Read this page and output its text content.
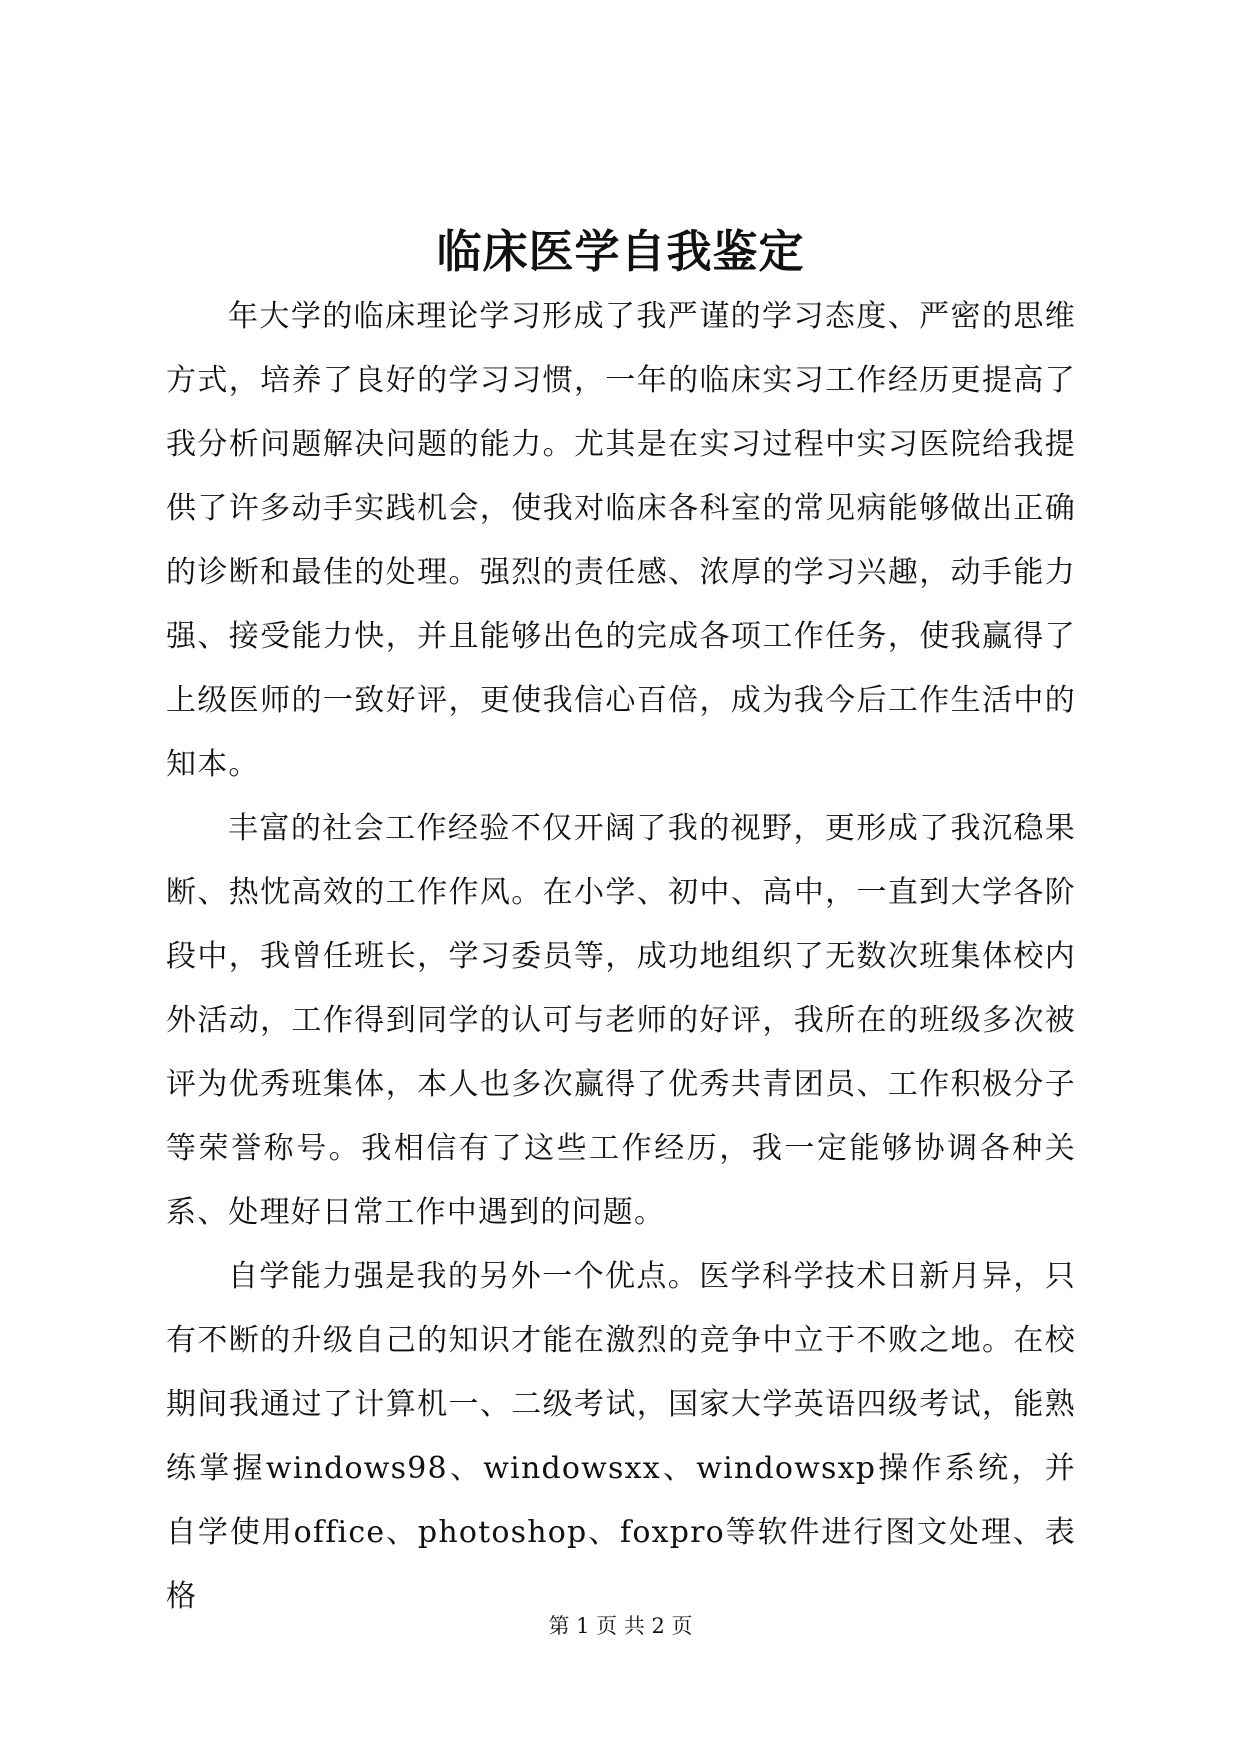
临床医学自我鉴定

年大学的临床理论学习形成了我严谨的学习态度、严密的思维方式，培养了良好的学习习惯，一年的临床实习工作经历更提高了我分析问题解决问题的能力。尤其是在实习过程中实习医院给我提供了许多动手实践机会，使我对临床各科室的常见病能够做出正确的诊断和最佳的处理。强烈的责任感、浓厚的学习兴趣，动手能力强、接受能力快，并且能够出色的完成各项工作任务，使我赢得了上级医师的一致好评，更使我信心百倍，成为我今后工作生活中的知本。

丰富的社会工作经验不仅开阔了我的视野，更形成了我沉稳果断、热忱高效的工作作风。在小学、初中、高中，一直到大学各阶段中，我曾任班长，学习委员等，成功地组织了无数次班集体校内外活动，工作得到同学的认可与老师的好评，我所在的班级多次被评为优秀班集体，本人也多次赢得了优秀共青团员、工作积极分子等荣誉称号。我相信有了这些工作经历，我一定能够协调各种关系、处理好日常工作中遇到的问题。

自学能力强是我的另外一个优点。医学科学技术日新月异，只有不断的升级自己的知识才能在激烈的竞争中立于不败之地。在校期间我通过了计算机一、二级考试，国家大学英语四级考试，能熟练掌握windows98、windowsxx、windowsxp操作系统，并自学使用office、photoshop、foxpro等软件进行图文处理、表格

第 1 页 共 2 页
